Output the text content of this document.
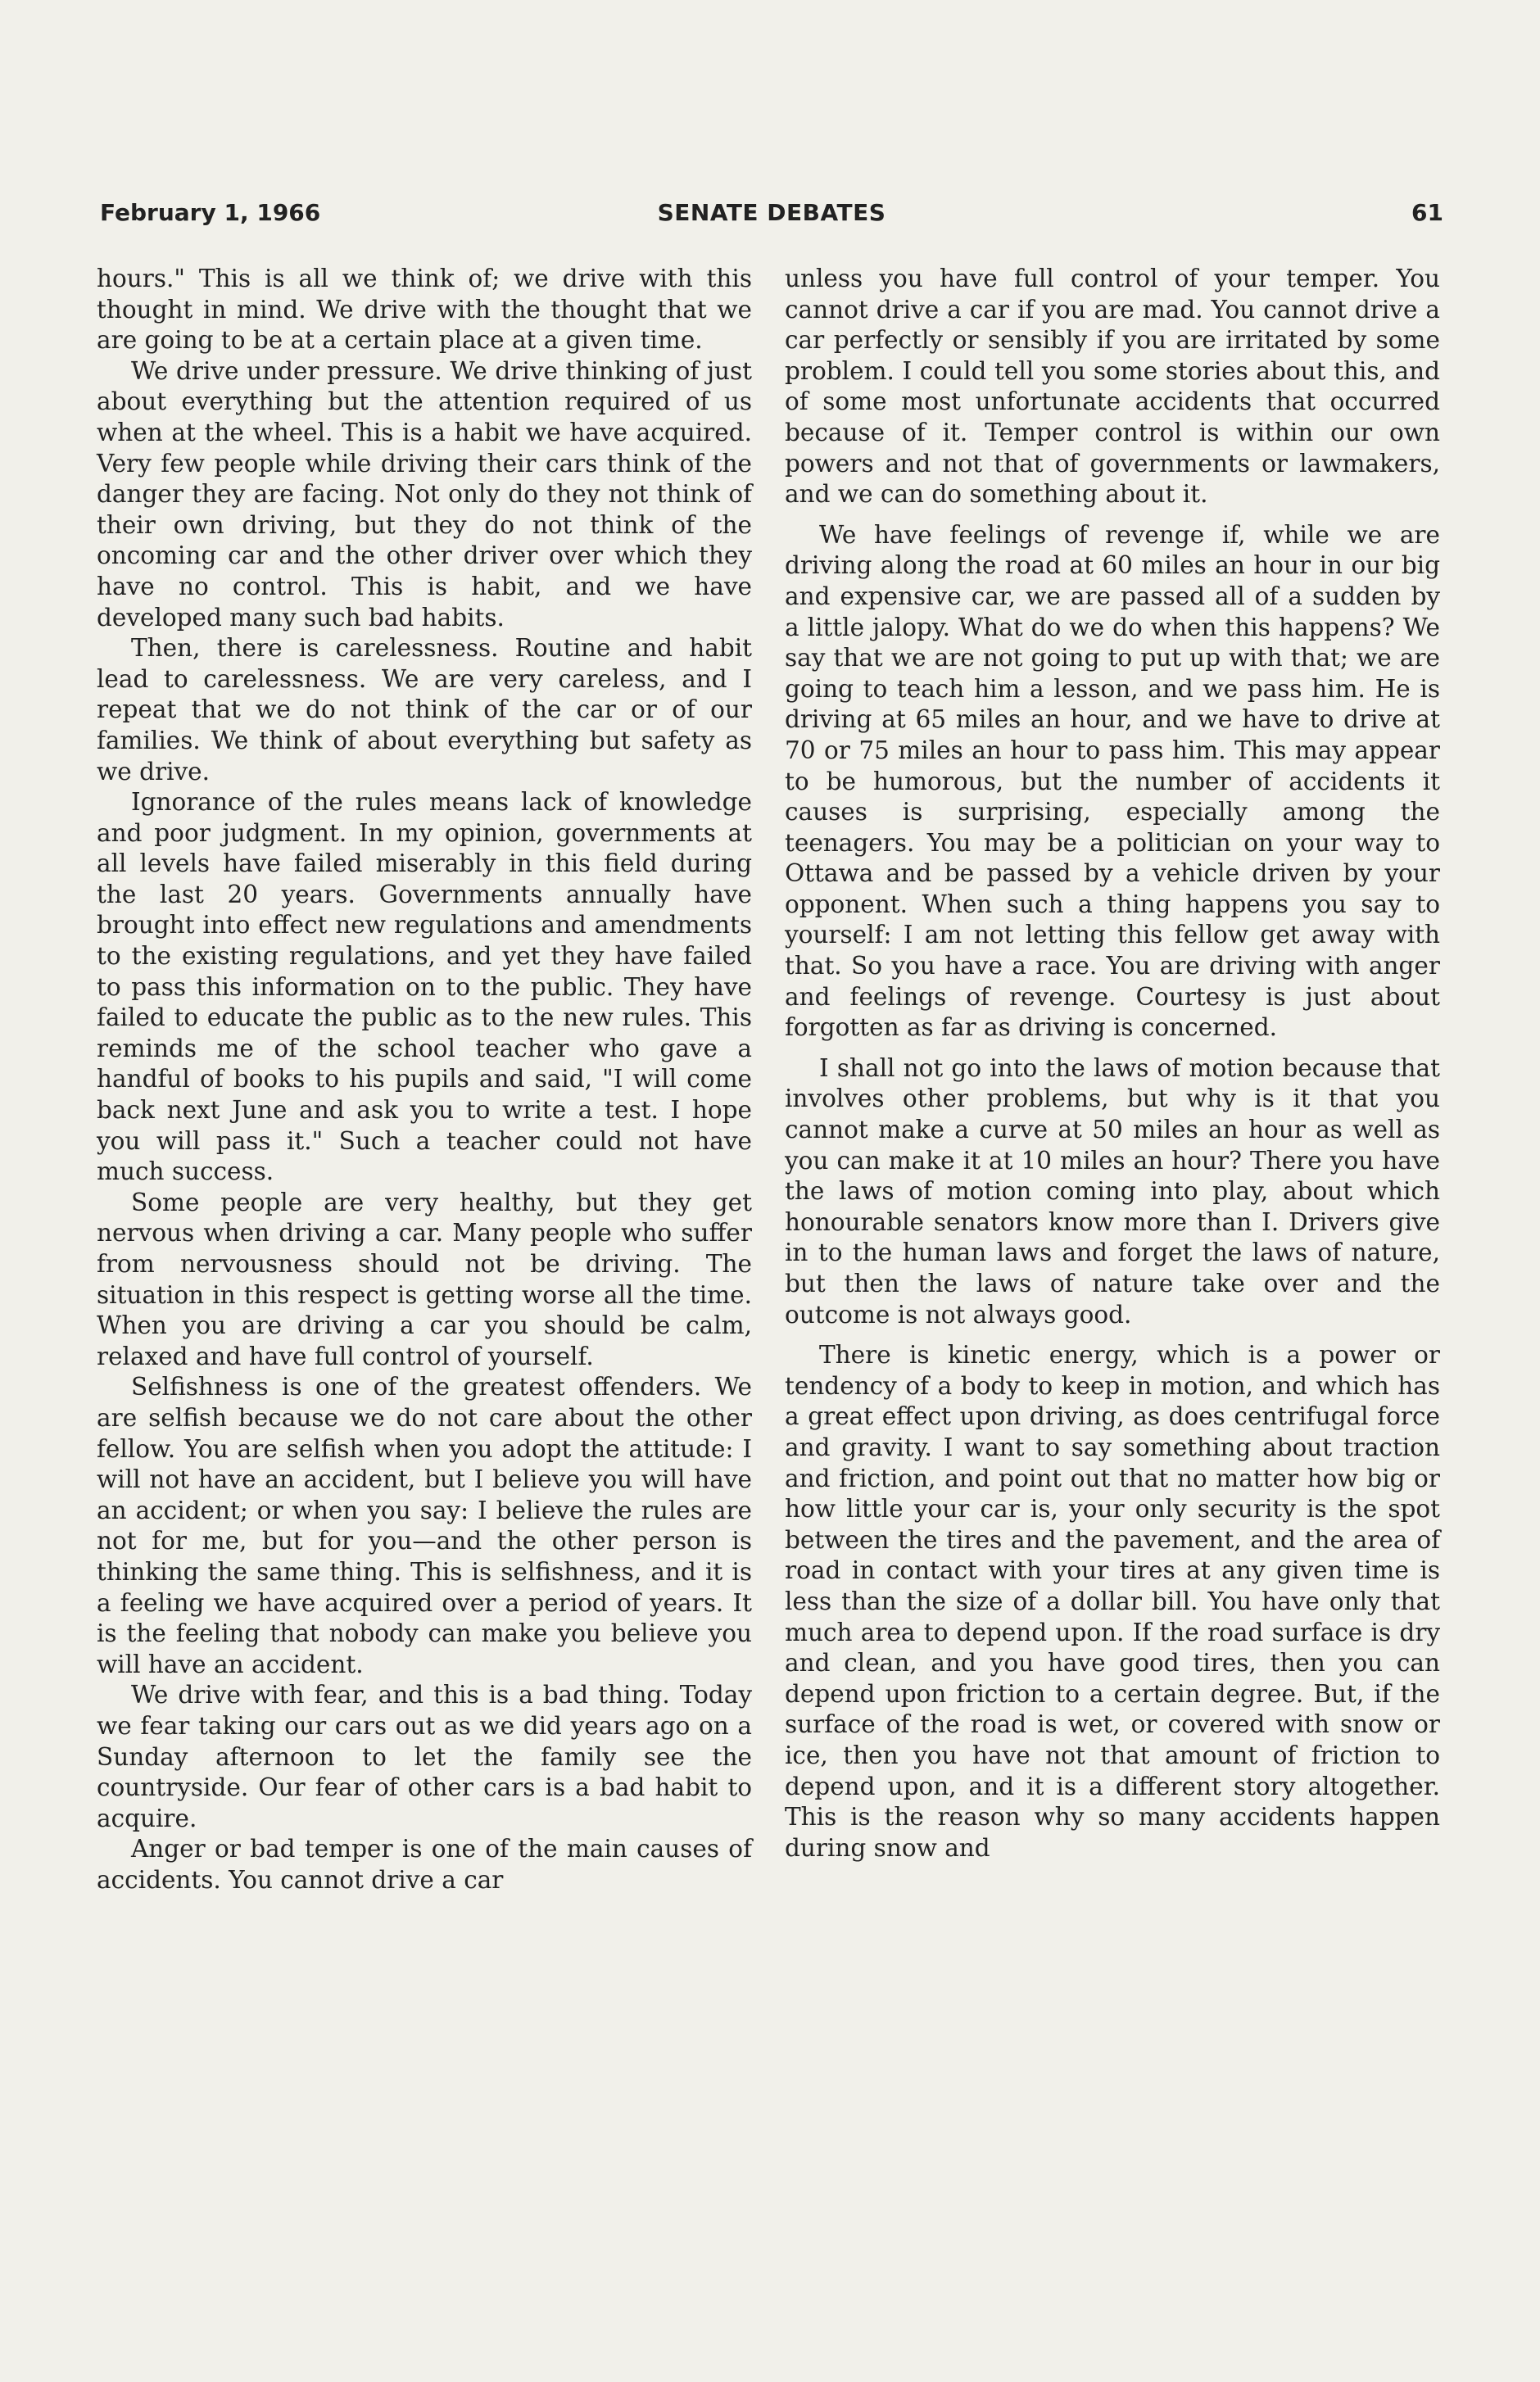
February 1, 1966	SENATE DEBATES	61

hours." This is all we think of; we drive with this thought in mind. We drive with the thought that we are going to be at a certain place at a given time.

We drive under pressure. We drive thinking of just about everything but the attention required of us when at the wheel. This is a habit we have acquired. Very few people while driving their cars think of the danger they are facing. Not only do they not think of their own driving, but they do not think of the oncoming car and the other driver over which they have no control. This is habit, and we have developed many such bad habits.

Then, there is carelessness. Routine and habit lead to carelessness. We are very careless, and I repeat that we do not think of the car or of our families. We think of about everything but safety as we drive.

Ignorance of the rules means lack of knowledge and poor judgment. In my opinion, governments at all levels have failed miserably in this field during the last 20 years. Governments annually have brought into effect new regulations and amendments to the existing regulations, and yet they have failed to pass this information on to the public. They have failed to educate the public as to the new rules. This reminds me of the school teacher who gave a handful of books to his pupils and said, "I will come back next June and ask you to write a test. I hope you will pass it." Such a teacher could not have much success.

Some people are very healthy, but they get nervous when driving a car. Many people who suffer from nervousness should not be driving. The situation in this respect is getting worse all the time. When you are driving a car you should be calm, relaxed and have full control of yourself.

Selfishness is one of the greatest offenders. We are selfish because we do not care about the other fellow. You are selfish when you adopt the attitude: I will not have an accident, but I believe you will have an accident; or when you say: I believe the rules are not for me, but for you—and the other person is thinking the same thing. This is selfishness, and it is a feeling we have acquired over a period of years. It is the feeling that nobody can make you believe you will have an accident.

We drive with fear, and this is a bad thing. Today we fear taking our cars out as we did years ago on a Sunday afternoon to let the family see the countryside. Our fear of other cars is a bad habit to acquire.

Anger or bad temper is one of the main causes of accidents. You cannot drive a car

unless you have full control of your temper. You cannot drive a car if you are mad. You cannot drive a car perfectly or sensibly if you are irritated by some problem. I could tell you some stories about this, and of some most unfortunate accidents that occurred because of it. Temper control is within our own powers and not that of governments or lawmakers, and we can do something about it.

We have feelings of revenge if, while we are driving along the road at 60 miles an hour in our big and expensive car, we are passed all of a sudden by a little jalopy. What do we do when this happens? We say that we are not going to put up with that; we are going to teach him a lesson, and we pass him. He is driving at 65 miles an hour, and we have to drive at 70 or 75 miles an hour to pass him. This may appear to be humorous, but the number of accidents it causes is surprising, especially among the teenagers. You may be a politician on your way to Ottawa and be passed by a vehicle driven by your opponent. When such a thing happens you say to yourself: I am not letting this fellow get away with that. So you have a race. You are driving with anger and feelings of revenge. Courtesy is just about forgotten as far as driving is concerned.

I shall not go into the laws of motion because that involves other problems, but why is it that you cannot make a curve at 50 miles an hour as well as you can make it at 10 miles an hour? There you have the laws of motion coming into play, about which honourable senators know more than I. Drivers give in to the human laws and forget the laws of nature, but then the laws of nature take over and the outcome is not always good.

There is kinetic energy, which is a power or tendency of a body to keep in motion, and which has a great effect upon driving, as does centrifugal force and gravity. I want to say something about traction and friction, and point out that no matter how big or how little your car is, your only security is the spot between the tires and the pavement, and the area of road in contact with your tires at any given time is less than the size of a dollar bill. You have only that much area to depend upon. If the road surface is dry and clean, and you have good tires, then you can depend upon friction to a certain degree. But, if the surface of the road is wet, or covered with snow or ice, then you have not that amount of friction to depend upon, and it is a different story altogether. This is the reason why so many accidents happen during snow and
